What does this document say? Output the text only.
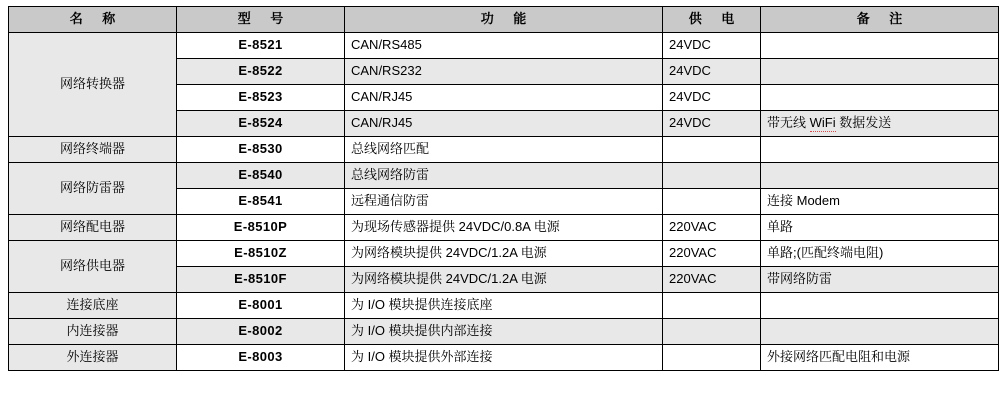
名 称	型 号	功 能	供 电	备 注
网络转换器	E-8521	CAN/RS485	24VDC	
	E-8522	CAN/RS232	24VDC	
	E-8523	CAN/RJ45	24VDC	
	E-8524	CAN/RJ45	24VDC	带无线 WiFi 数据发送
网络终端器	E-8530	总线网络匹配		
网络防雷器	E-8540	总线网络防雷		
	E-8541	远程通信防雷		连接 Modem
网络配电器	E-8510P	为现场传感器提供 24VDC/0.8A 电源	220VAC	单路
网络供电器	E-8510Z	为网络模块提供 24VDC/1.2A 电源	220VAC	单路;(匹配终端电阻)
	E-8510F	为网络模块提供 24VDC/1.2A 电源	220VAC	带网络防雷
连接底座	E-8001	为 I/O 模块提供连接底座		
内连接器	E-8002	为 I/O 模块提供内部连接		
外连接器	E-8003	为 I/O 模块提供外部连接		外接网络匹配电阻和电源
